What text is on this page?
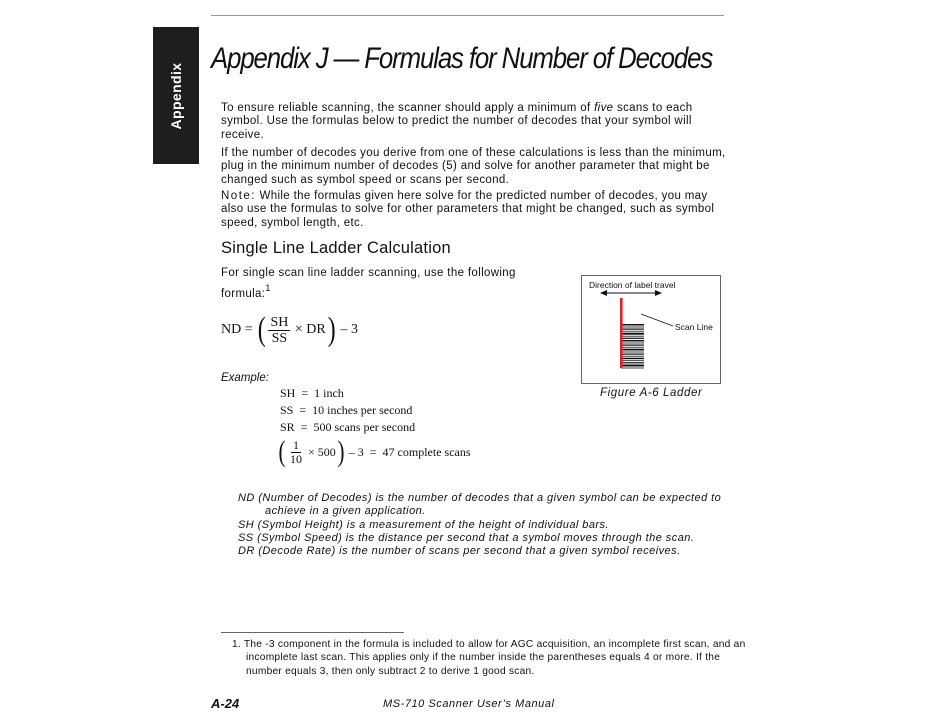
Appendix
Appendix J — Formulas for Number of Decodes

To ensure reliable scanning, the scanner should apply a minimum of five scans to each symbol. Use the formulas below to predict the number of decodes that your symbol will receive.

If the number of decodes you derive from one of these calculations is less than the minimum, plug in the minimum number of decodes (5) and solve for another parameter that might be changed such as symbol speed or scans per second.

Note: While the formulas given here solve for the predicted number of decodes, you may also use the formulas to solve for other parameters that might be changed, such as symbol speed, symbol length, etc.

Single Line Ladder Calculation

For single scan line ladder scanning, use the following formula:$^1$

ND =
( $\frac{SH}{SS}$
×
DR )
– 3

Example:

SH  =  1 inch
SS  =  10 inches per second
SR  =  500 scans per second
( $\frac{1}{10} \times 500$ )
– 3  =  47 complete scans

ND (Number of Decodes) is the number of decodes that a given symbol can be expected to achieve in a given application.

SH (Symbol Height) is a measurement of the height of individual bars.

SS (Symbol Speed) is the distance per second that a symbol moves through the scan.

DR (Decode Rate) is the number of scans per second that a given symbol receives.

Direction of label travel
Scan Line

Figure A-6 Ladder

1. The -3 component in the formula is included to allow for AGC acquisition, an incomplete first scan, and an incomplete last scan. This applies only if the number inside the parentheses equals 4 or more. If the number equals 3, then only subtract 2 to derive 1 good scan.

A-24	MS-710 Scanner User’s Manual
